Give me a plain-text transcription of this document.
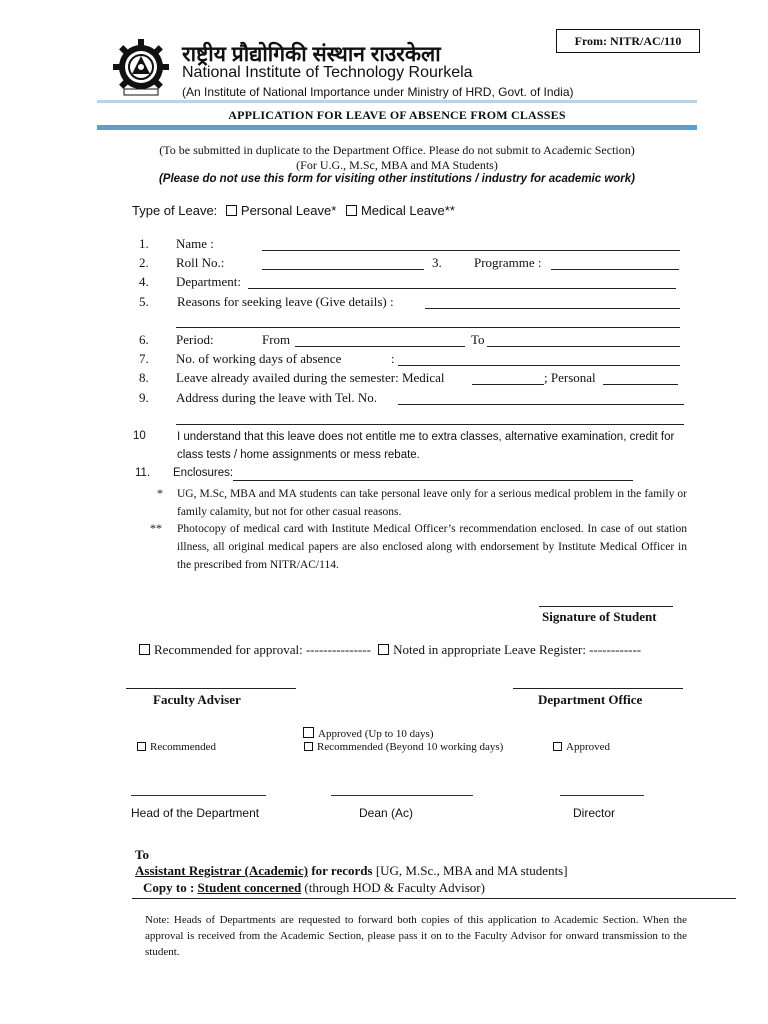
From: NITR/AC/110
राष्ट्रीय प्रौद्योगिकी संस्थान राउरकेला
National Institute of Technology Rourkela
(An Institute of National Importance under Ministry of HRD, Govt. of India)
APPLICATION FOR LEAVE OF ABSENCE FROM CLASSES
(To be submitted in duplicate to the Department Office. Please do not submit to Academic Section)
(For U.G., M.Sc, MBA and MA Students)
(Please do not use this form for visiting other institutions / industry for academic work)
Type of Leave: Personal Leave* Medical Leave**
1. Name :
2. Roll No.:	3. Programme :
4. Department:
5. Reasons for seeking leave (Give details) :
6. Period:	From	To
7. No. of working days of absence	:
8. Leave already availed during the semester: Medical	; Personal
9. Address during the leave with Tel. No.
10	I understand that this leave does not entitle me to extra classes, alternative examination, credit for class tests / home assignments or mess rebate.
11. Enclosures:
* UG, M.Sc, MBA and MA students can take personal leave only for a serious medical problem in the family or family calamity, but not for other casual reasons.
** Photocopy of medical card with Institute Medical Officer’s recommendation enclosed. In case of out station illness, all original medical papers are also enclosed along with endorsement by Institute Medical Officer in the prescribed from NITR/AC/114.
Signature of Student
Recommended for approval: --------------- Noted in appropriate Leave Register: ------------
Faculty Adviser	Department Office
Approved (Up to 10 days)
Recommended	Recommended (Beyond 10 working days)	Approved
Head of the Department	Dean (Ac)	Director
To
Assistant Registrar (Academic) for records [UG, M.Sc., MBA and MA students]
Copy to : Student concerned (through HOD & Faculty Advisor)
Note: Heads of Departments are requested to forward both copies of this application to Academic Section. When the approval is received from the Academic Section, please pass it on to the Faculty Advisor for onward transmission to the student.
